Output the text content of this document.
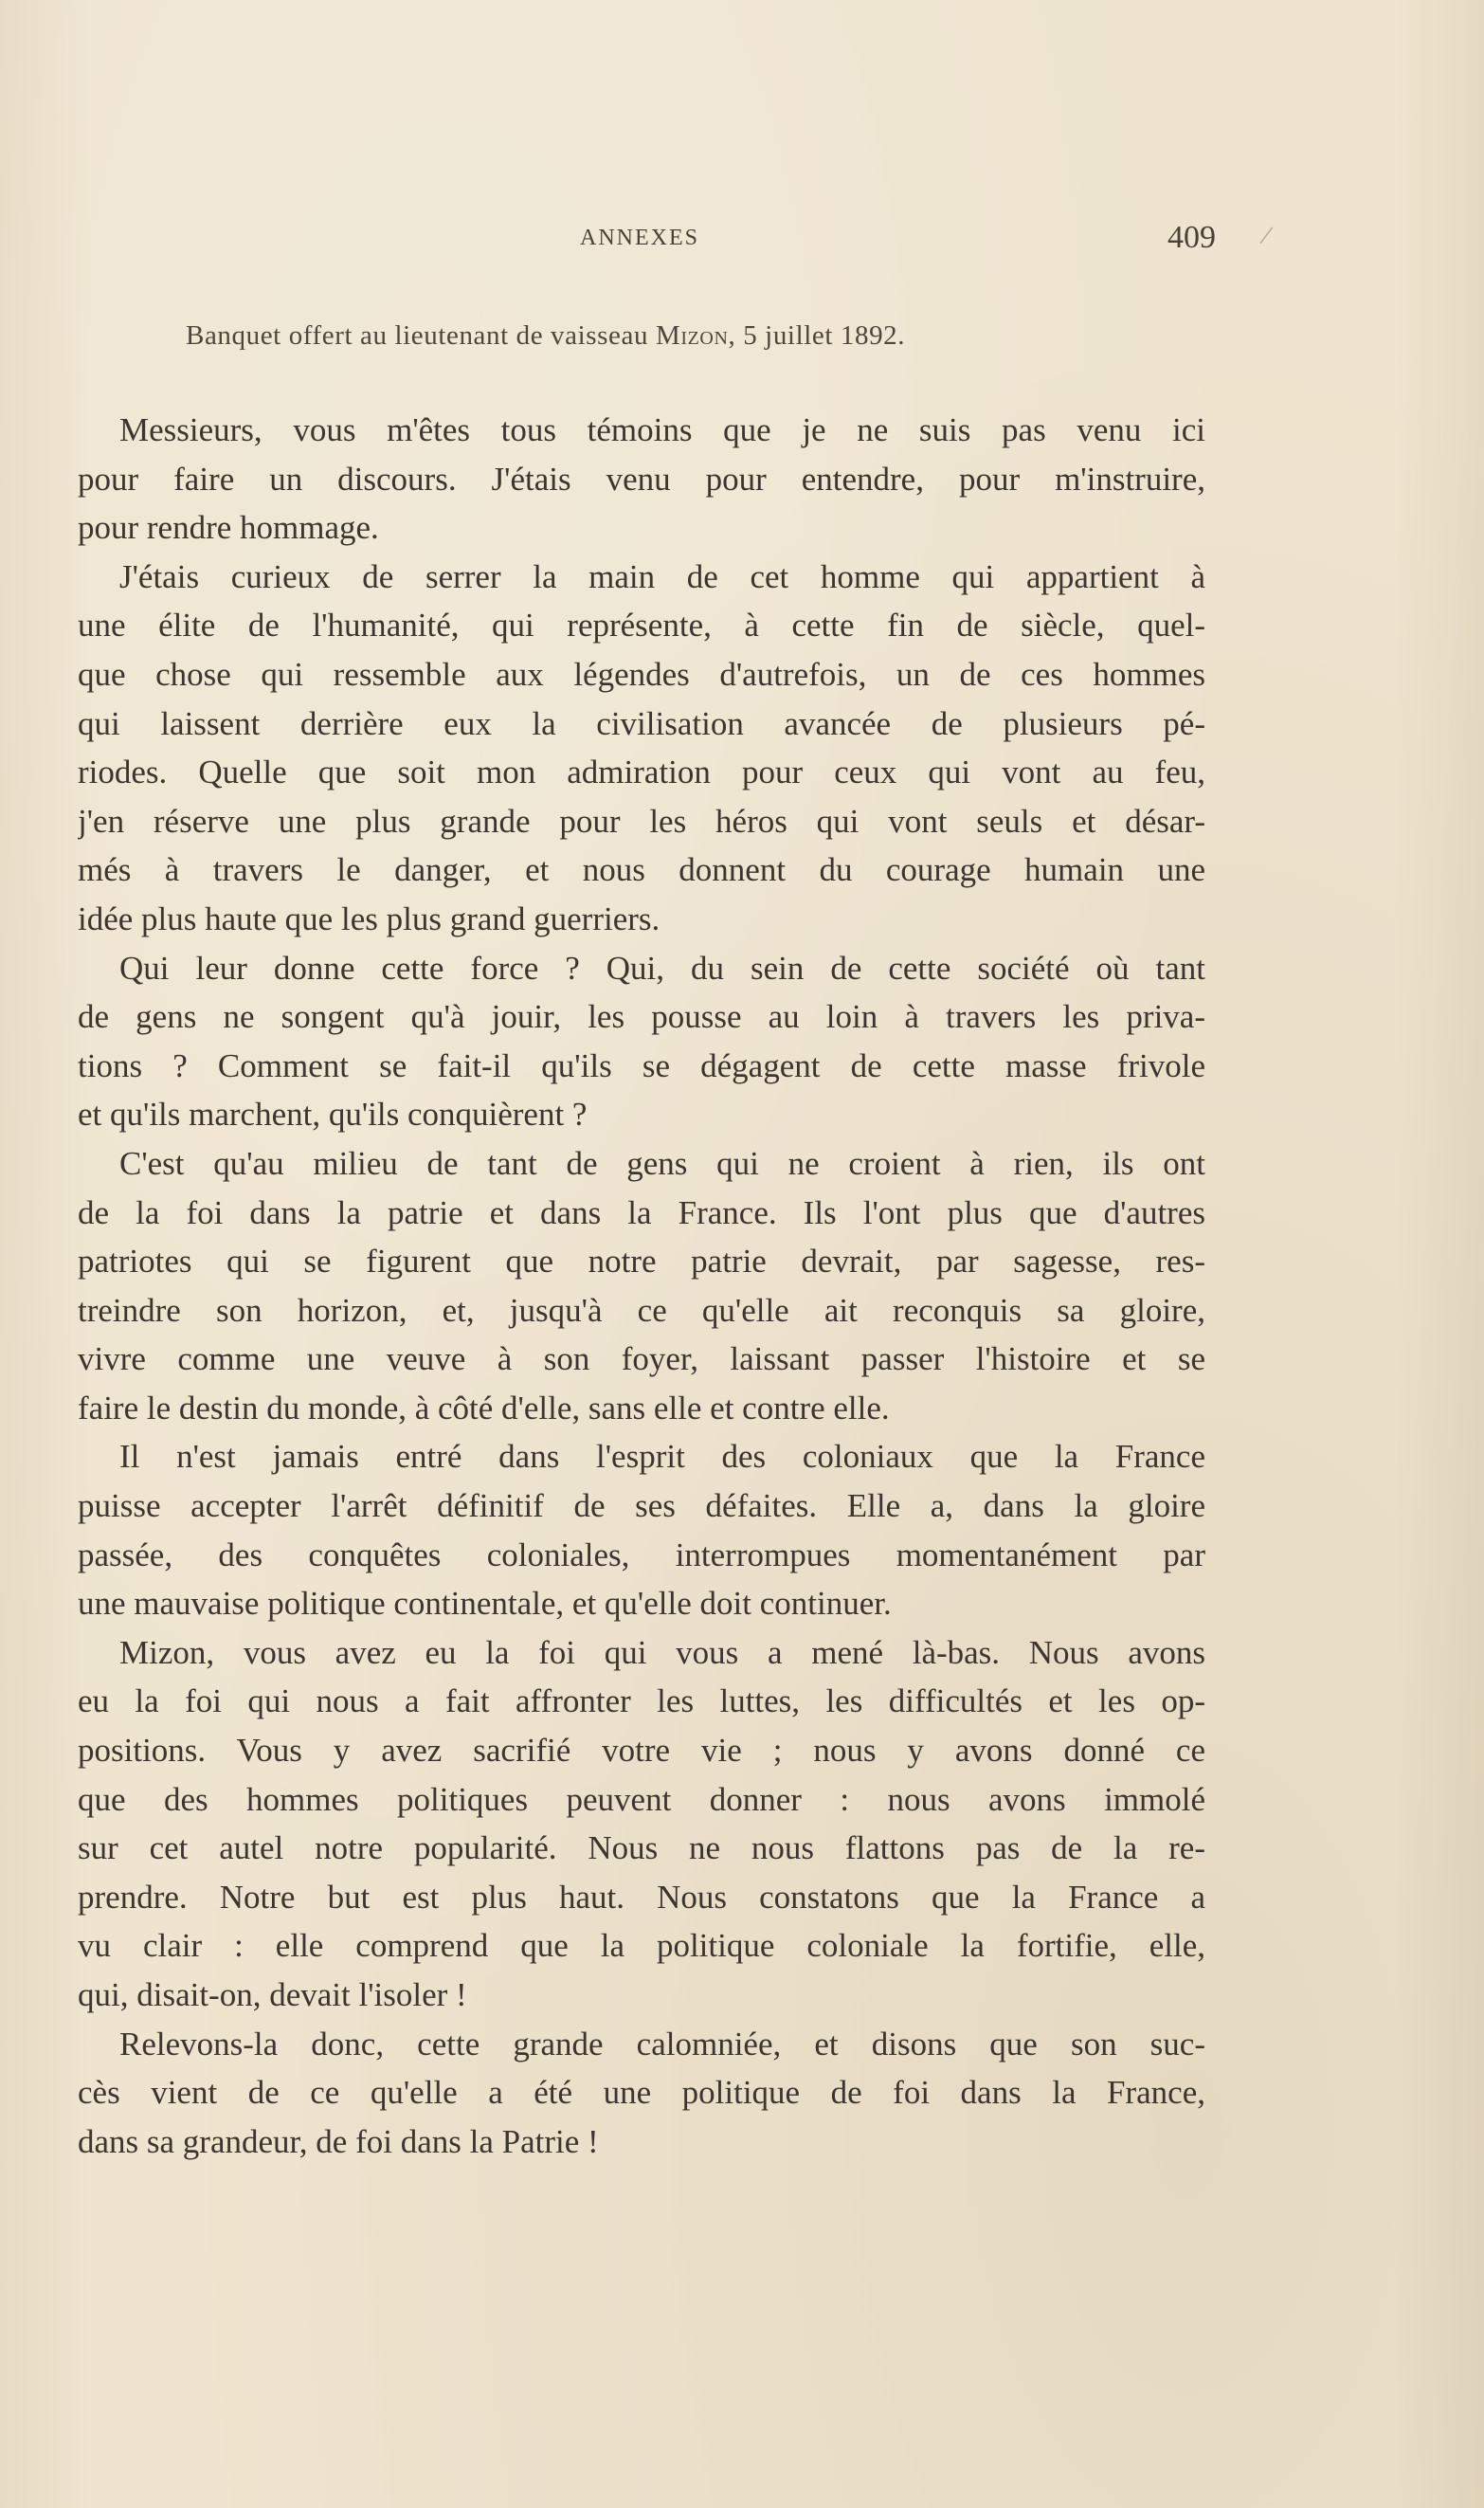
ANNEXES	409 /
Banquet offert au lieutenant de vaisseau Mizon, 5 juillet 1892.
Messieurs, vous m'êtes tous témoins que je ne suis pas venu ici
pour faire un discours. J'étais venu pour entendre, pour m'instruire,
pour rendre hommage.
J'étais curieux de serrer la main de cet homme qui appartient à
une élite de l'humanité, qui représente, à cette fin de siècle, quel-
que chose qui ressemble aux légendes d'autrefois, un de ces hommes
qui laissent derrière eux la civilisation avancée de plusieurs pé-
riodes. Quelle que soit mon admiration pour ceux qui vont au feu,
j'en réserve une plus grande pour les héros qui vont seuls et désar-
més à travers le danger, et nous donnent du courage humain une
idée plus haute que les plus grand guerriers.
Qui leur donne cette force ? Qui, du sein de cette société où tant
de gens ne songent qu'à jouir, les pousse au loin à travers les priva-
tions ? Comment se fait-il qu'ils se dégagent de cette masse frivole
et qu'ils marchent, qu'ils conquièrent ?
C'est qu'au milieu de tant de gens qui ne croient à rien, ils ont
de la foi dans la patrie et dans la France. Ils l'ont plus que d'autres
patriotes qui se figurent que notre patrie devrait, par sagesse, res-
treindre son horizon, et, jusqu'à ce qu'elle ait reconquis sa gloire,
vivre comme une veuve à son foyer, laissant passer l'histoire et se
faire le destin du monde, à côté d'elle, sans elle et contre elle.
Il n'est jamais entré dans l'esprit des coloniaux que la France
puisse accepter l'arrêt définitif de ses défaites. Elle a, dans la gloire
passée, des conquêtes coloniales, interrompues momentanément par
une mauvaise politique continentale, et qu'elle doit continuer.
Mizon, vous avez eu la foi qui vous a mené là-bas. Nous avons
eu la foi qui nous a fait affronter les luttes, les difficultés et les op-
positions. Vous y avez sacrifié votre vie ; nous y avons donné ce
que des hommes politiques peuvent donner : nous avons immolé
sur cet autel notre popularité. Nous ne nous flattons pas de la re-
prendre. Notre but est plus haut. Nous constatons que la France a
vu clair : elle comprend que la politique coloniale la fortifie, elle,
qui, disait-on, devait l'isoler !
Relevons-la donc, cette grande calomniée, et disons que son suc-
cès vient de ce qu'elle a été une politique de foi dans la France,
dans sa grandeur, de foi dans la Patrie !
